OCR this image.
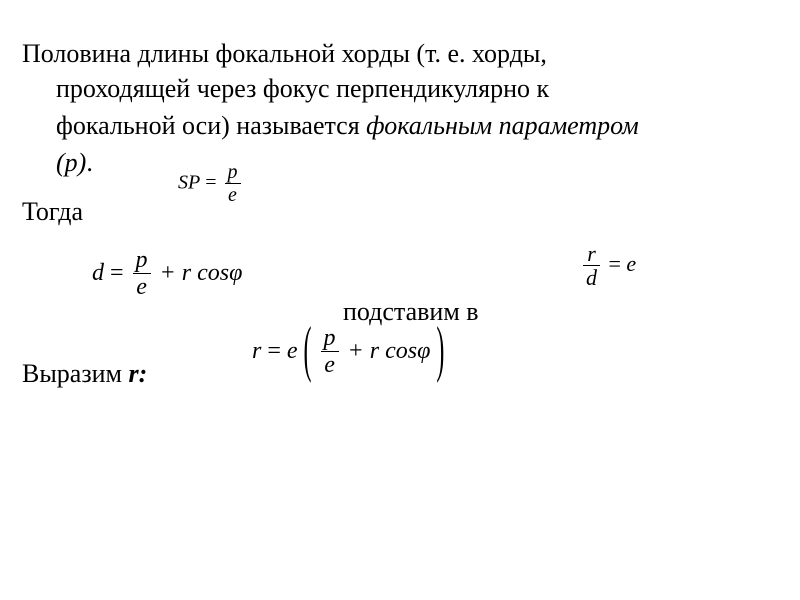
Половина длины фокальной хорды (т. е. хорды,
проходящей через фокус перпендикулярно к
фокальной оси) называется фокальным параметром
(p).
SP = $\frac{p}{e}$
Тогда
$d = \frac{p}{e} + r$ cosφ	$\frac{r}{d} = e$
подставим в
Выразим r:
r = e ( $\frac{p}{e} + r$ cosφ )
